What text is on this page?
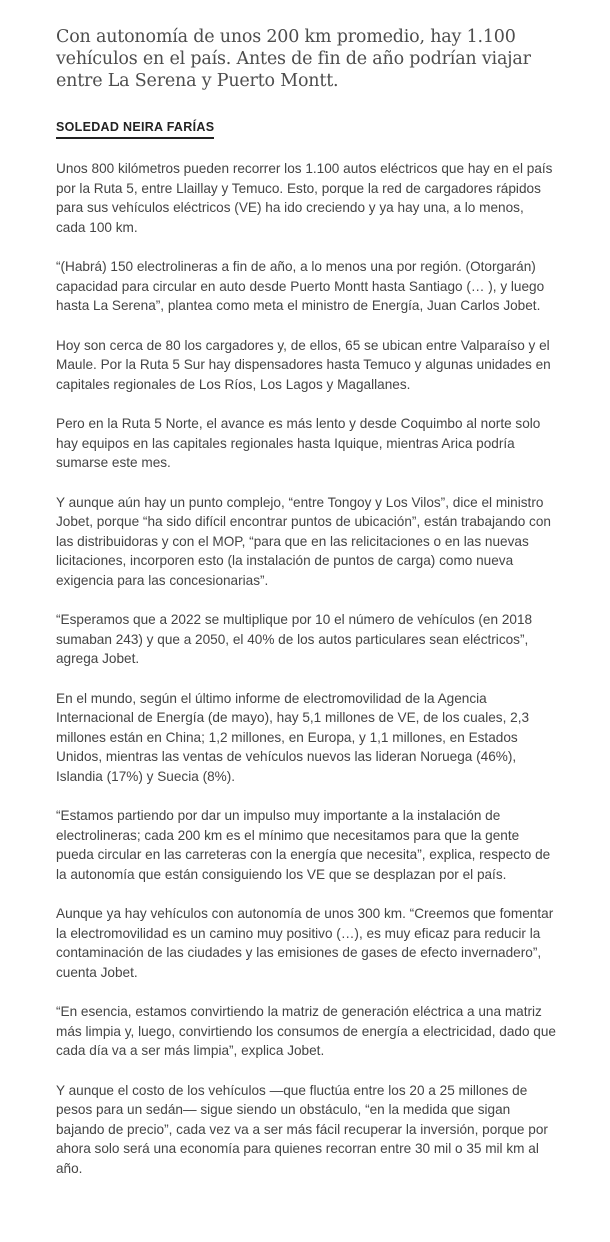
Con autonomía de unos 200 km promedio, hay 1.100 vehículos en el país. Antes de fin de año podrían viajar entre La Serena y Puerto Montt.

SOLEDAD NEIRA FARÍAS

Unos 800 kilómetros pueden recorrer los 1.100 autos eléctricos que hay en el país por la Ruta 5, entre Llaillay y Temuco. Esto, porque la red de cargadores rápidos para sus vehículos eléctricos (VE) ha ido creciendo y ya hay una, a lo menos, cada 100 km.

“(Habrá) 150 electrolineras a fin de año, a lo menos una por región. (Otorgarán) capacidad para circular en auto desde Puerto Montt hasta Santiago (… ), y luego hasta La Serena”, plantea como meta el ministro de Energía, Juan Carlos Jobet.

Hoy son cerca de 80 los cargadores y, de ellos, 65 se ubican entre Valparaíso y el Maule. Por la Ruta 5 Sur hay dispensadores hasta Temuco y algunas unidades en capitales regionales de Los Ríos, Los Lagos y Magallanes.

Pero en la Ruta 5 Norte, el avance es más lento y desde Coquimbo al norte solo hay equipos en las capitales regionales hasta Iquique, mientras Arica podría sumarse este mes.

Y aunque aún hay un punto complejo, “entre Tongoy y Los Vilos”, dice el ministro Jobet, porque “ha sido difícil encontrar puntos de ubicación”, están trabajando con las distribuidoras y con el MOP, “para que en las relicitaciones o en las nuevas licitaciones, incorporen esto (la instalación de puntos de carga) como nueva exigencia para las concesionarias”.

“Esperamos que a 2022 se multiplique por 10 el número de vehículos (en 2018 sumaban 243) y que a 2050, el 40% de los autos particulares sean eléctricos”, agrega Jobet.

En el mundo, según el último informe de electromovilidad de la Agencia Internacional de Energía (de mayo), hay 5,1 millones de VE, de los cuales, 2,3 millones están en China; 1,2 millones, en Europa, y 1,1 millones, en Estados Unidos, mientras las ventas de vehículos nuevos las lideran Noruega (46%), Islandia (17%) y Suecia (8%).

“Estamos partiendo por dar un impulso muy importante a la instalación de electrolineras; cada 200 km es el mínimo que necesitamos para que la gente pueda circular en las carreteras con la energía que necesita”, explica, respecto de la autonomía que están consiguiendo los VE que se desplazan por el país.

Aunque ya hay vehículos con autonomía de unos 300 km. “Creemos que fomentar la electromovilidad es un camino muy positivo (…), es muy eficaz para reducir la contaminación de las ciudades y las emisiones de gases de efecto invernadero”, cuenta Jobet.

“En esencia, estamos convirtiendo la matriz de generación eléctrica a una matriz más limpia y, luego, convirtiendo los consumos de energía a electricidad, dado que cada día va a ser más limpia”, explica Jobet.

Y aunque el costo de los vehículos —que fluctúa entre los 20 a 25 millones de pesos para un sedán— sigue siendo un obstáculo, “en la medida que sigan bajando de precio”, cada vez va a ser más fácil recuperar la inversión, porque por ahora solo será una economía para quienes recorran entre 30 mil o 35 mil km al año.
